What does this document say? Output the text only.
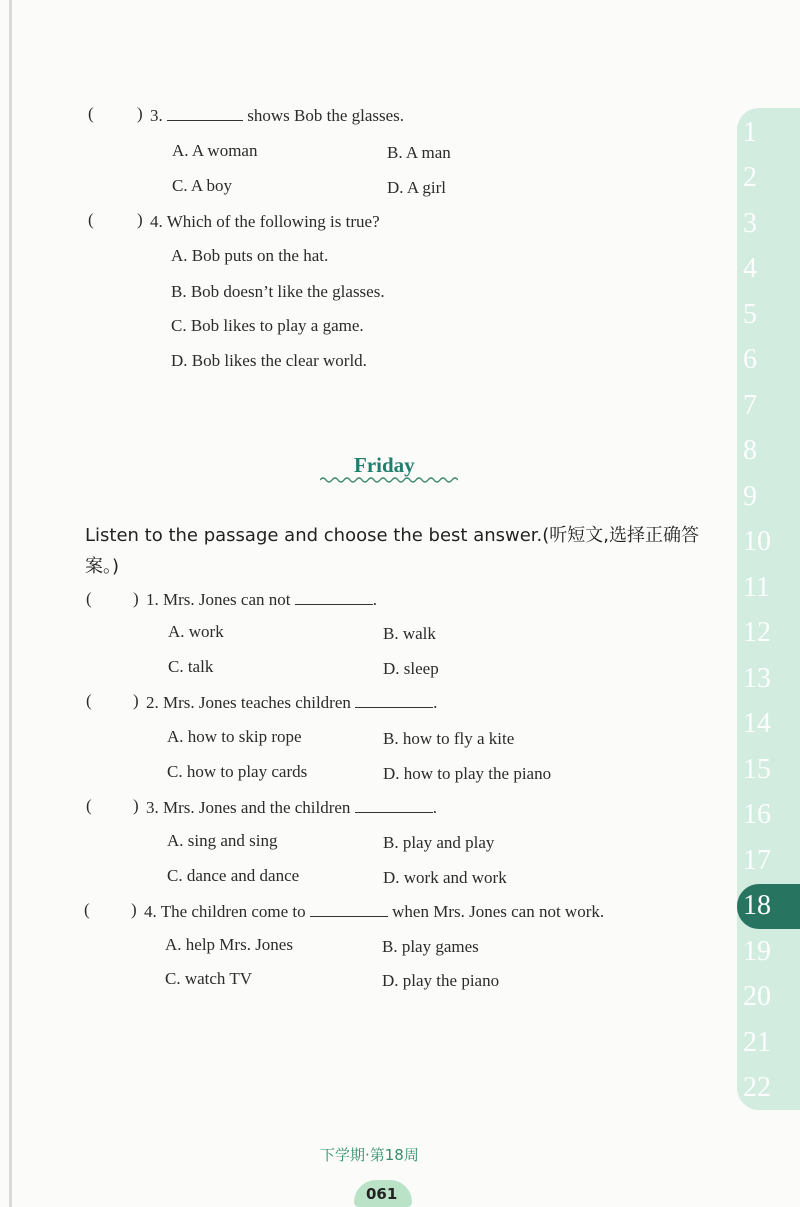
(	) 3.	shows Bob the glasses.
A. A woman	B. A man
C. A boy	D. A girl
(	) 4. Which of the following is true?
A. Bob puts on the hat.
B. Bob doesn’t like the glasses.
C. Bob likes to play a game.
D. Bob likes the clear world.
Friday
Listen to the passage and choose the best answer.(听短文,选择正确答案。)
( ) 1. Mrs. Jones can not	.
A. work	B. walk
C. talk	D. sleep
( ) 2. Mrs. Jones teaches children	.
A. how to skip rope	B. how to fly a kite
C. how to play cards	D. how to play the piano
( ) 3. Mrs. Jones and the children	.
A. sing and sing	B. play and play
C. dance and dance	D. work and work
( ) 4. The children come to	when Mrs. Jones can not work.
A. help Mrs. Jones	B. play games
C. watch TV	D. play the piano
1
2
3
4
5
6
7
8
9
10
11
12
13
14
15
16
17
18
19
20
21
22
下学期·第18周
061
